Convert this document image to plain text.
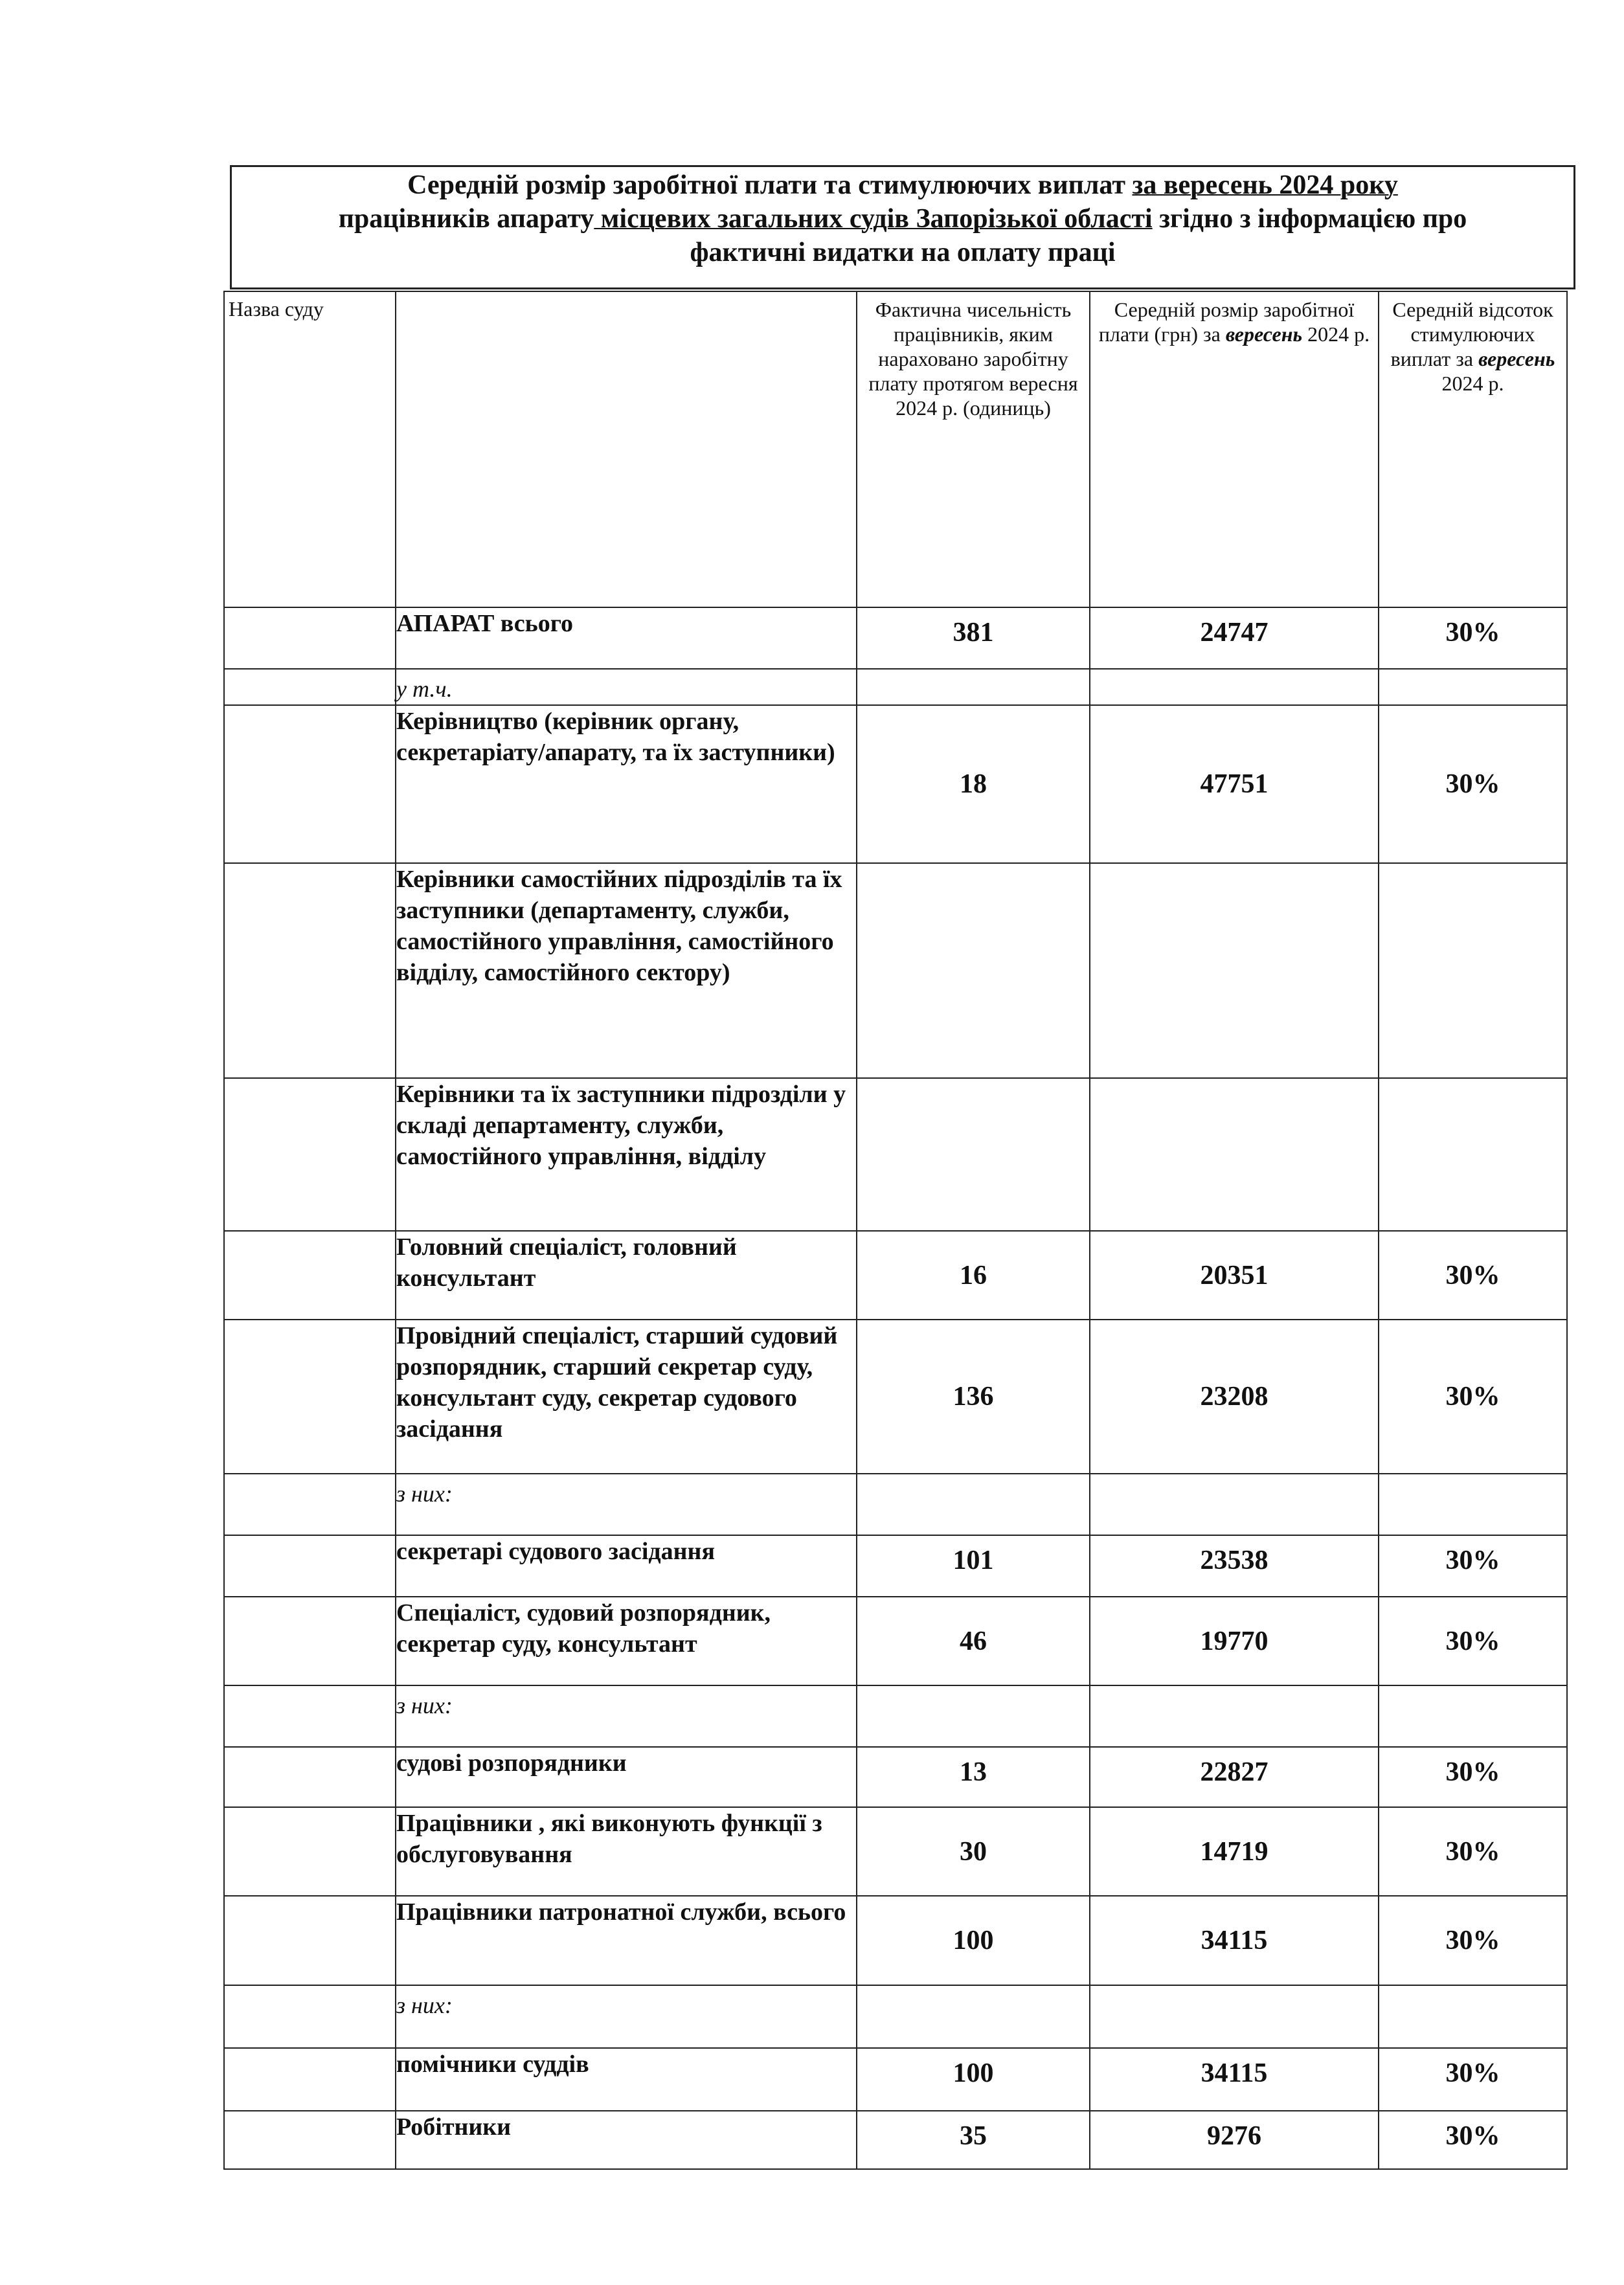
Середній розмір заробітної плати та стимулюючих виплат за вересень 2024 року
працівників апарату місцевих загальних судів Запорізької області згідно з інформацією про
фактичні видатки на оплату праці
Назва суду		Фактична чисельність працівників, яким нараховано заробітну плату протягом вересня 2024 р. (одиниць)	Середній розмір заробітної плати (грн) за вересень 2024 р.	Середній відсоток стимулюючих виплат за вересень 2024 р.
	АПАРАТ всього	381	24747	30%
	у т.ч.			
	Керівництво (керівник органу, секретаріату/апарату, та їх заступники)	18	47751	30%
	Керівники самостійних підрозділів та їх заступники (департаменту, служби, самостійного управління, самостійного відділу, самостійного сектору)			
	Керівники та їх заступники підрозділи у складі департаменту, служби, самостійного управління, відділу			
	Головний спеціаліст, головний консультант	16	20351	30%
	Провідний спеціаліст, старший судовий розпорядник, старший секретар суду, консультант суду, секретар судового засідання	136	23208	30%
	з них:			
	секретарі судового засідання	101	23538	30%
	Спеціаліст, судовий розпорядник, секретар суду, консультант	46	19770	30%
	з них:			
	судові розпорядники	13	22827	30%
	Працівники , які виконують функції з обслуговування	30	14719	30%
	Працівники патронатної служби, всього	100	34115	30%
	з них:			
	помічники суддів	100	34115	30%
	Робітники	35	9276	30%
